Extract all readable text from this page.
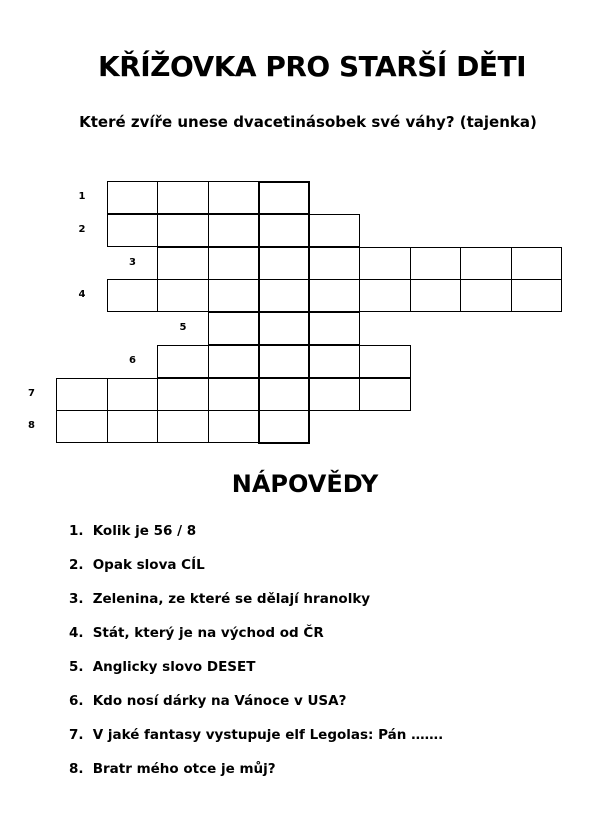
KŘÍŽOVKA PRO STARŠÍ DĚTI
Které zvíře unese dvacetinásobek své váhy? (tajenka)
1
2
3
4
5
6
7
8
NÁPOVĚDY
1. Kolik je 56 / 8
2. Opak slova CÍL
3. Zelenina, ze které se dělají hranolky
4. Stát, který je na východ od ČR
5. Anglicky slovo DESET
6. Kdo nosí dárky na Vánoce v USA?
7. V jaké fantasy vystupuje elf Legolas: Pán …….
8. Bratr mého otce je můj?
